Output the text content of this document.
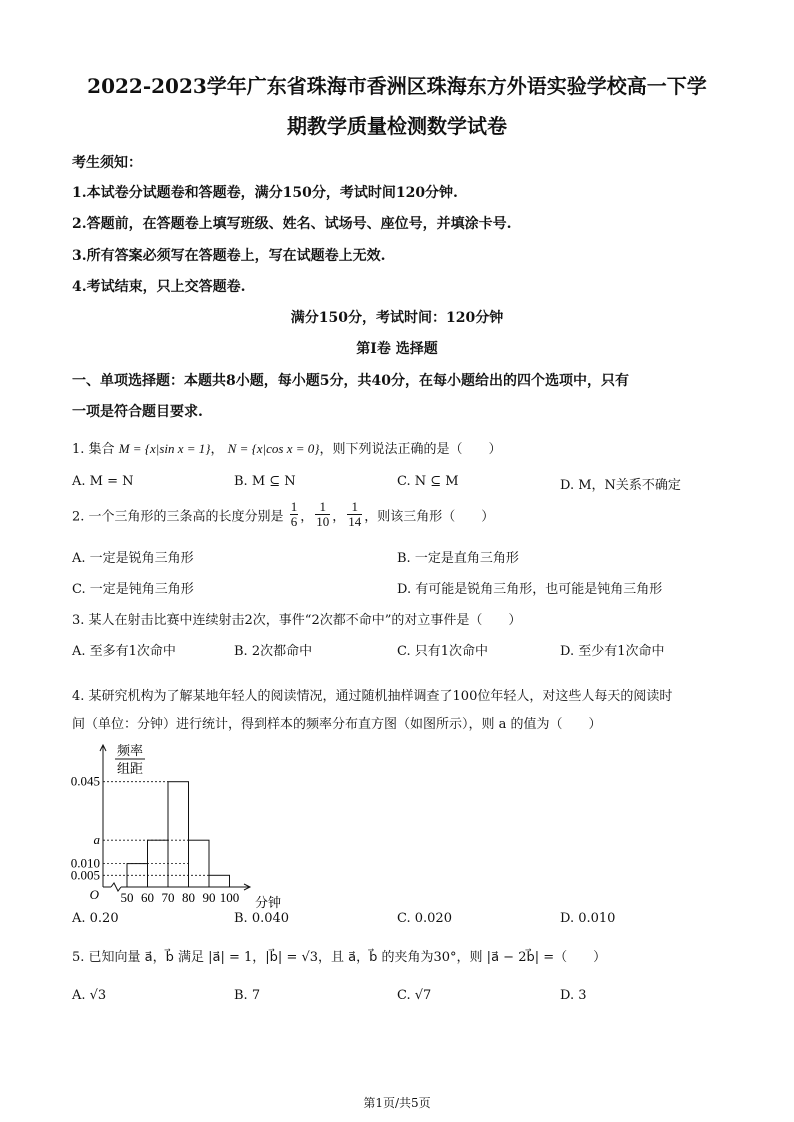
2022-2023学年广东省珠海市香洲区珠海东方外语实验学校高一下学
期教学质量检测数学试卷
考生须知：
1.本试卷分试题卷和答题卷，满分150分，考试时间120分钟.
2.答题前，在答题卷上填写班级、姓名、试场号、座位号，并填涂卡号.
3.所有答案必须写在答题卷上，写在试题卷上无效.
4.考试结束，只上交答题卷.
满分150分，考试时间：120分钟
第I卷 选择题
一、单项选择题：本题共8小题，每小题5分，共40分，在每小题给出的四个选项中，只有
一项是符合题目要求.
1. 集合 M = {x|sin x = 1}， N = {x|cos x = 0}，则下列说法正确的是（　　）
A. M = N	B. M ⊆ N	C. N ⊆ M	D. M，N关系不确定
2. 一个三角形的三条高的长度分别是 $\frac{1}{6}$ ， $\frac{1}{10}$ ， $\frac{1}{14}$ ，则该三角形（　　）
A. 一定是锐角三角形	B. 一定是直角三角形
C. 一定是钝角三角形	D. 有可能是锐角三角形，也可能是钝角三角形
3. 某人在射击比赛中连续射击2次，事件“2次都不命中”的对立事件是（　　）
A. 至多有1次命中	B. 2次都命中	C. 只有1次命中	D. 至少有1次命中
4. 某研究机构为了解某地年轻人的阅读情况，通过随机抽样调查了100位年轻人，对这些人每天的阅读时
间（单位：分钟）进行统计，得到样本的频率分布直方图（如图所示），则 a 的值为（　　）
频率
组距
0.045
a
0.010
0.005
50 60 70 80 90 100
O
分钟
A. 0.20	B. 0.040	C. 0.020	D. 0.010
5. 已知向量 a⃗，b⃗ 满足 |a⃗| = 1，|b⃗| = √3，且 a⃗，b⃗ 的夹角为30°，则 |a⃗ − 2b⃗| =（　　）
A. √3	B. 7	C. √7	D. 3
第1页/共5页
